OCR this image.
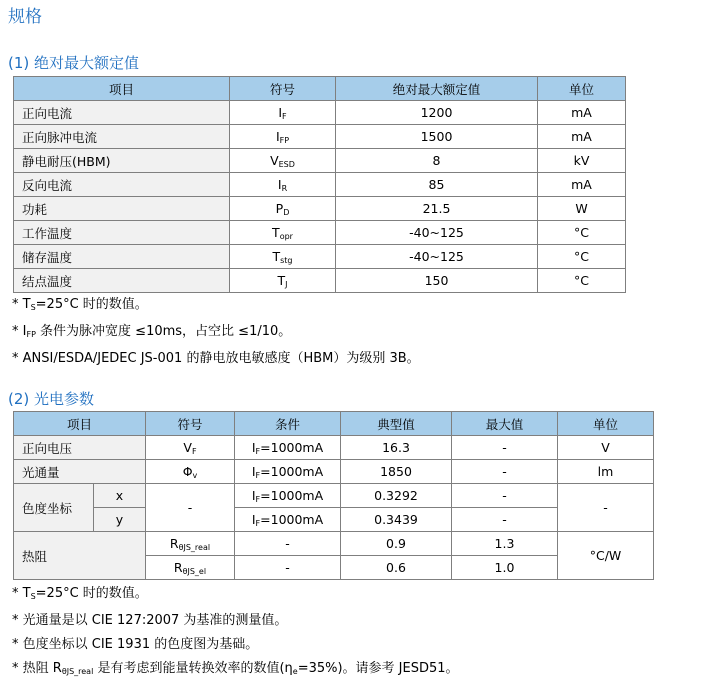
规格
(1) 绝对最大额定值
项目	符号	绝对最大额定值	单位
正向电流	$I_F$	1200	mA
正向脉冲电流	$I_{FP}$	1500	mA
静电耐压(HBM)	$V_{ESD}$	8	kV
反向电流	$I_R$	85	mA
功耗	$P_D$	21.5	W
工作温度	$T_{opr}$	-40~125	°C
储存温度	$T_{stg}$	-40~125	°C
结点温度	$T_J$	150	°C
* $T_S=25^\circ C$ 时的数值。
* $I_{FP}$ 条件为脉冲宽度 ≤10ms，占空比 ≤1/10。
* ANSI/ESDA/JEDEC JS-001 的静电放电敏感度（HBM）为级别 3B。
(2) 光电参数
项目		符号	条件	典型值	最大值	单位
正向电压		$V_F$	$I_F=1000mA$	16.3	-	V
光通量		$\Phi_v$	$I_F=1000mA$	1850	-	lm
色度坐标	x	-	$I_F=1000mA$	0.3292	-	-
	y		$I_F=1000mA$	0.3439	-	
热阻		$R_{\theta JS\_real}$	-	0.9	1.3	°C/W
		$R_{\theta JS\_el}$	-	0.6	1.0	
* $T_S=25^\circ C$ 时的数值。
* 光通量是以 CIE 127:2007 为基准的测量值。
* 色度坐标以 CIE 1931 的色度图为基础。
* 热阻 $R_{\theta JS\_real}$ 是有考虑到能量转换效率的数值$(\eta_e=35\%)$。请参考 JESD51。
